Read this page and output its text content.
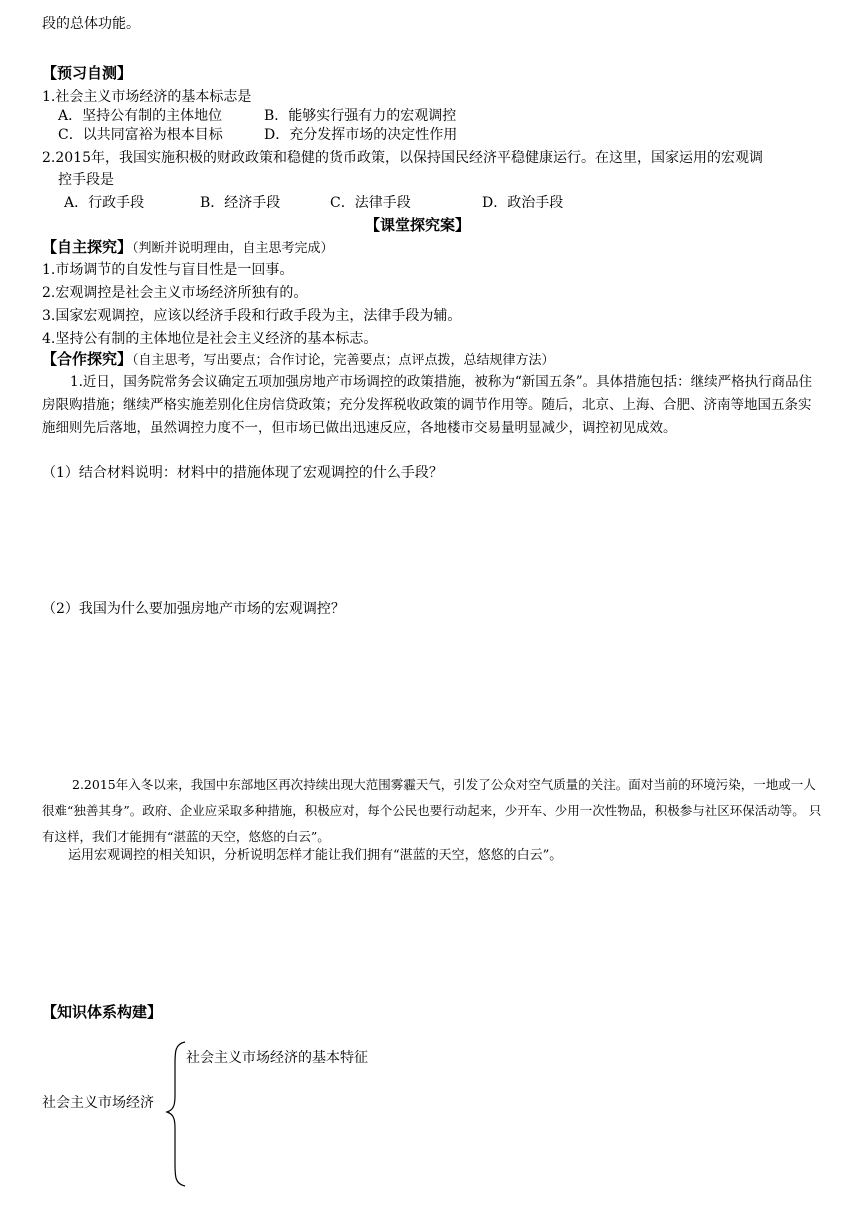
段的总体功能。
【预习自测】
1.社会主义市场经济的基本标志是
A．坚持公有制的主体地位	B．能够实行强有力的宏观调控
C．以共同富裕为根本目标	D．充分发挥市场的决定性作用
2.2015年，我国实施积极的财政政策和稳健的货币政策，以保持国民经济平稳健康运行。在这里，国家运用的宏观调
控手段是
A．行政手段	B．经济手段	C．法律手段	D．政治手段
【课堂探究案】
【自主探究】（判断并说明理由，自主思考完成）
1.市场调节的自发性与盲目性是一回事。
2.宏观调控是社会主义市场经济所独有的。
3.国家宏观调控，应该以经济手段和行政手段为主，法律手段为辅。
4.坚持公有制的主体地位是社会主义经济的基本标志。
【合作探究】（自主思考，写出要点；合作讨论，完善要点；点评点拨，总结规律方法）
1.近日，国务院常务会议确定五项加强房地产市场调控的政策措施，被称为“新国五条”。具体措施包括：继续严格执行商品住房限购措施；继续严格实施差别化住房信贷政策；充分发挥税收政策的调节作用等。随后，北京、上海、合肥、济南等地国五条实施细则先后落地，虽然调控力度不一，但市场已做出迅速反应，各地楼市交易量明显减少，调控初见成效。
（1）结合材料说明：材料中的措施体现了宏观调控的什么手段？
（2）我国为什么要加强房地产市场的宏观调控？
2.2015年入冬以来，我国中东部地区再次持续出现大范围雾霾天气，引发了公众对空气质量的关注。面对当前的环境污染，一地或一人很难“独善其身”。政府、企业应采取多种措施，积极应对，每个公民也要行动起来，少开车、少用一次性物品，积极参与社区环保活动等。 只有这样，我们才能拥有“湛蓝的天空，悠悠的白云”。
运用宏观调控的相关知识，分析说明怎样才能让我们拥有“湛蓝的天空，悠悠的白云”。
【知识体系构建】
社会主义市场经济
社会主义市场经济的基本特征
